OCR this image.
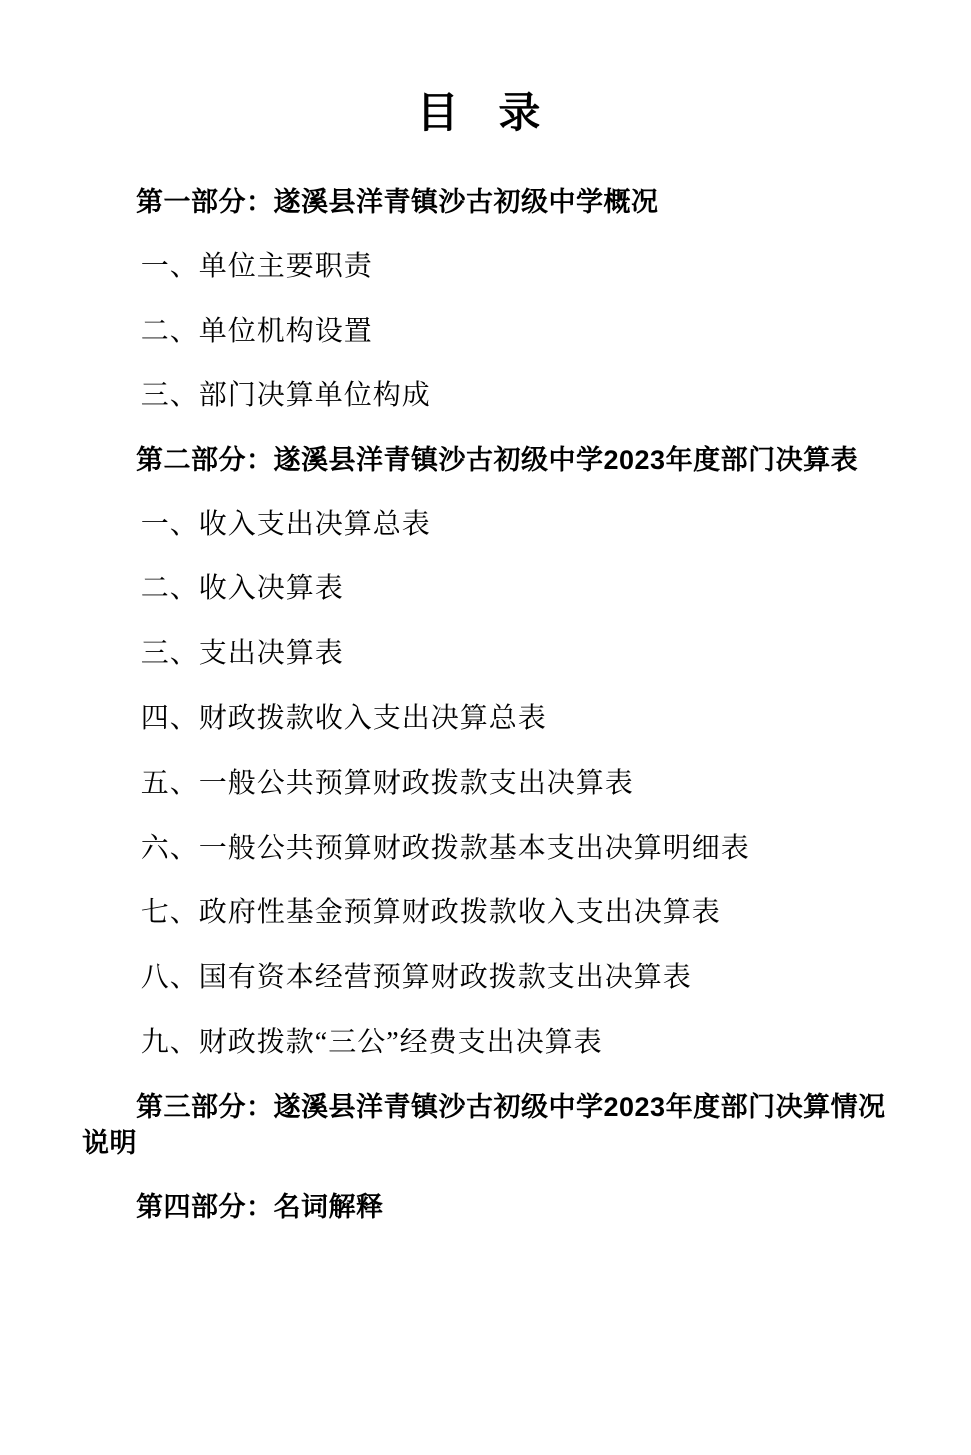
目 录
第一部分：遂溪县洋青镇沙古初级中学概况
一、单位主要职责
二、单位机构设置
三、部门决算单位构成
第二部分：遂溪县洋青镇沙古初级中学2023年度部门决算表
一、收入支出决算总表
二、收入决算表
三、支出决算表
四、财政拨款收入支出决算总表
五、一般公共预算财政拨款支出决算表
六、一般公共预算财政拨款基本支出决算明细表
七、政府性基金预算财政拨款收入支出决算表
八、国有资本经营预算财政拨款支出决算表
九、财政拨款“三公”经费支出决算表
第三部分：遂溪县洋青镇沙古初级中学2023年度部门决算情况说明
第四部分：名词解释
